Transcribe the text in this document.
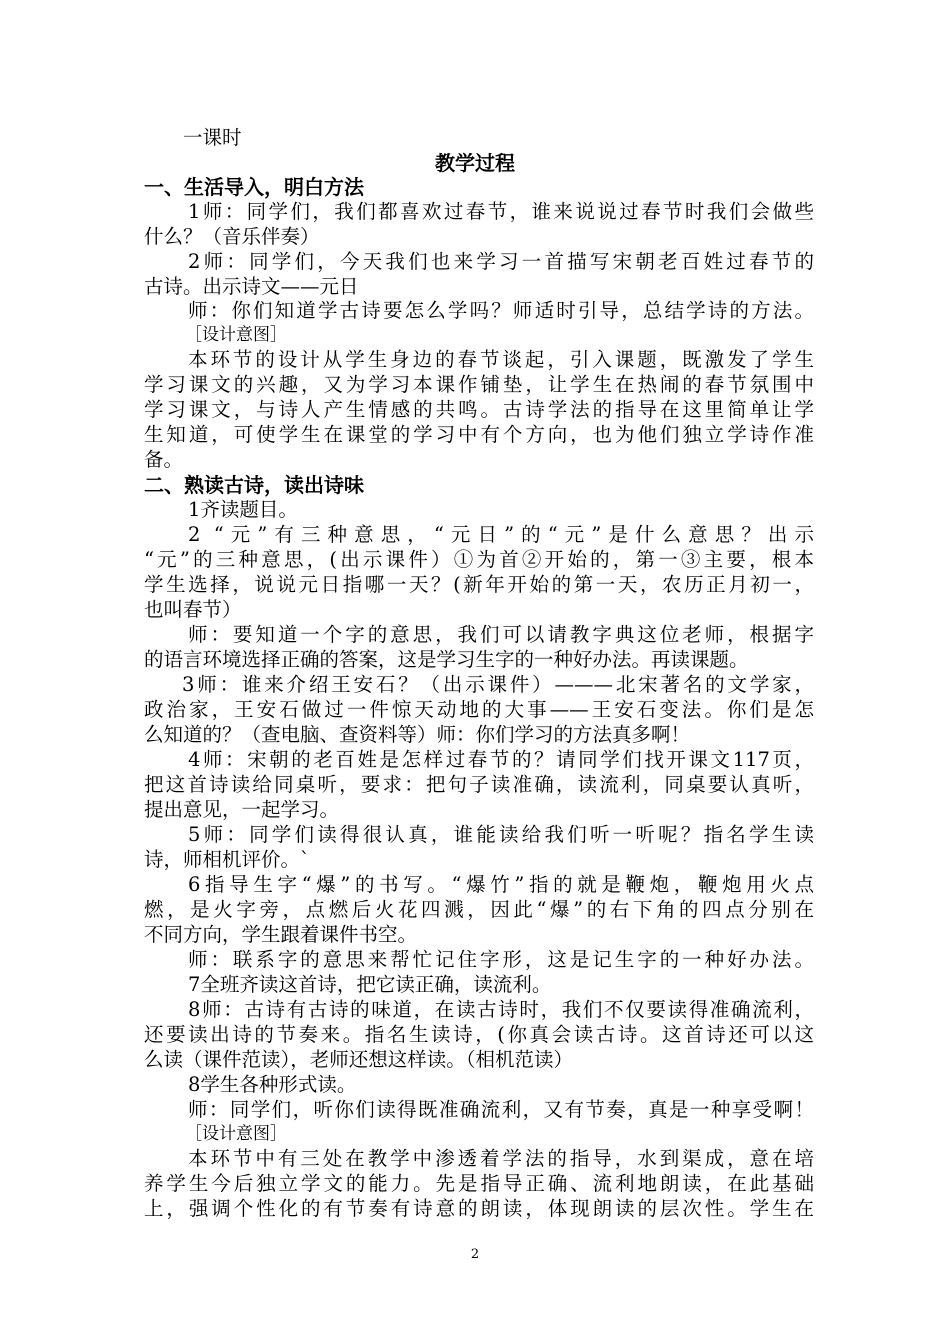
一课时
教学过程
一、生活导入，明白方法
1师：同学们，我们都喜欢过春节，谁来说说过春节时我们会做些
什么？（音乐伴奏）
2师：同学们，今天我们也来学习一首描写宋朝老百姓过春节的
古诗。出示诗文——元日
师：你们知道学古诗要怎么学吗？师适时引导，总结学诗的方法。
［设计意图］
本环节的设计从学生身边的春节谈起，引入课题，既激发了学生
学习课文的兴趣，又为学习本课作铺垫，让学生在热闹的春节氛围中
学习课文，与诗人产生情感的共鸣。古诗学法的指导在这里简单让学
生知道，可使学生在课堂的学习中有个方向，也为他们独立学诗作准
备。
二、熟读古诗，读出诗味
1齐读题目。
2 “元”有三种意思，“元日”的“元”是什么意思？出示
“元”的三种意思，(出示课件）①为首②开始的，第一③主要，根本
学生选择，说说元日指哪一天？(新年开始的第一天，农历正月初一，
也叫春节）
师：要知道一个字的意思，我们可以请教字典这位老师，根据字
的语言环境选择正确的答案，这是学习生字的一种好办法。再读课题。
3师：谁来介绍王安石？（出示课件）———北宋著名的文学家，
政治家，王安石做过一件惊天动地的大事——王安石变法。你们是怎
么知道的？（查电脑、查资料等）师：你们学习的方法真多啊！
4师：宋朝的老百姓是怎样过春节的？请同学们找开课文117页，
把这首诗读给同桌听，要求：把句子读准确，读流利，同桌要认真听，
提出意见，一起学习。
5师：同学们读得很认真，谁能读给我们听一听呢？指名学生读
诗，师相机评价。`
6指导生字“爆”的书写。“爆竹”指的就是鞭炮，鞭炮用火点
燃，是火字旁，点燃后火花四溅，因此“爆”的右下角的四点分别在
不同方向，学生跟着课件书空。
师：联系字的意思来帮忙记住字形，这是记生字的一种好办法。
7全班齐读这首诗，把它读正确，读流利。
8师：古诗有古诗的味道，在读古诗时，我们不仅要读得准确流利，
还要读出诗的节奏来。指名生读诗，(你真会读古诗。这首诗还可以这
么读（课件范读），老师还想这样读。（相机范读）
8学生各种形式读。
师：同学们，听你们读得既准确流利，又有节奏，真是一种享受啊！
［设计意图］
本环节中有三处在教学中渗透着学法的指导，水到渠成，意在培
养学生今后独立学文的能力。先是指导正确、流利地朗读，在此基础
上，强调个性化的有节奏有诗意的朗读，体现朗读的层次性。学生在
2
